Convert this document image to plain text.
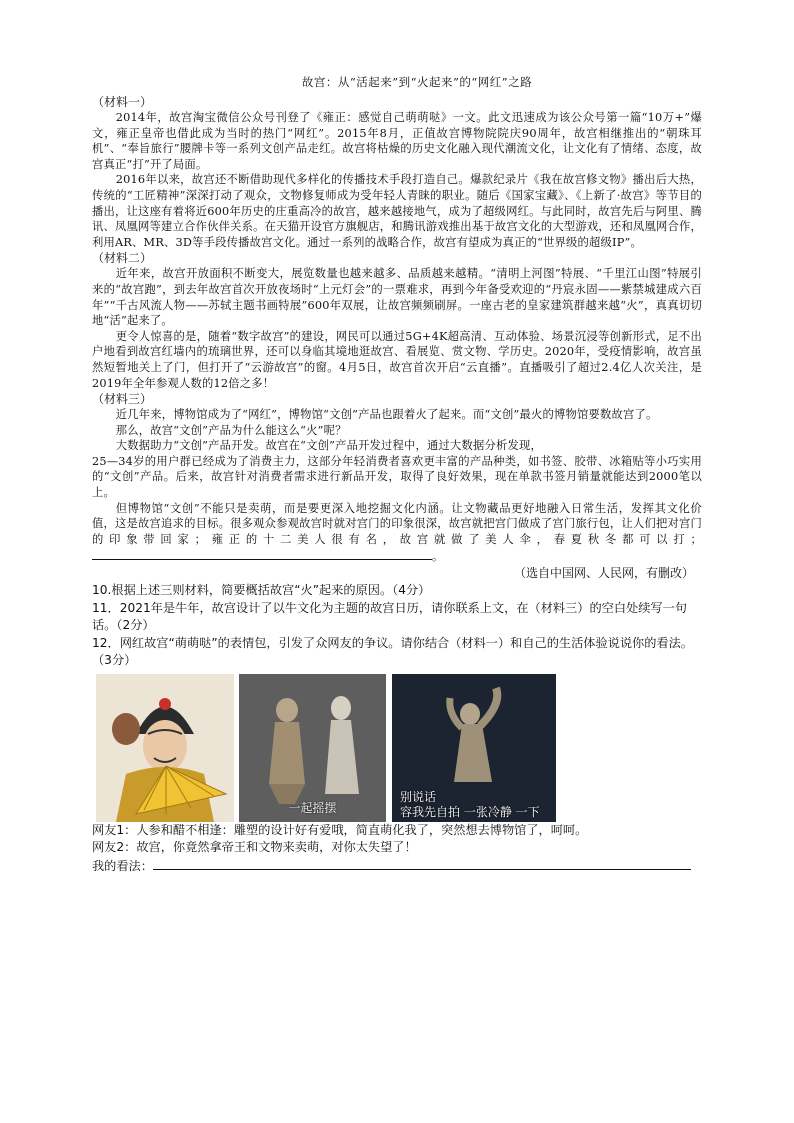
故宫：从“活起来”到“火起来”的“网红”之路

（材料一）

2014年，故宫淘宝微信公众号刊登了《雍正：感觉自己萌萌哒》一文。此文迅速成为该公众号第一篇“10万+”爆文，雍正皇帝也借此成为当时的热门“网红”。2015年8月，正值故宫博物院院庆90周年，故宫相继推出的“朝珠耳机”、“奉旨旅行”腰牌卡等一系列文创产品走红。故宫将枯燥的历史文化融入现代潮流文化，让文化有了情绪、态度，故宫真正“打”开了局面。

2016年以来，故宫还不断借助现代多样化的传播技术手段打造自己。爆款纪录片《我在故宫修文物》播出后大热，传统的“工匠精神”深深打动了观众，文物修复师成为受年轻人青睐的职业。随后《国家宝藏》、《上新了·故宫》等节目的播出，让这座有着将近600年历史的庄重高冷的故宫，越来越接地气，成为了超级网红。与此同时，故宫先后与阿里、腾讯、凤凰网等建立合作伙伴关系。在天猫开设官方旗舰店，和腾讯游戏推出基于故宫文化的大型游戏，还和凤凰网合作，利用AR、MR、3D等手段传播故宫文化。通过一系列的战略合作，故宫有望成为真正的“世界级的超级IP”。

（材料二）

近年来，故宫开放面积不断变大，展览数量也越来越多、品质越来越精。“清明上河图”特展、“千里江山图”特展引来的“故宫跑”，到去年故宫首次开放夜场时“上元灯会”的一票难求，再到今年备受欢迎的“丹宸永固——紫禁城建成六百年”“千古风流人物——苏轼主题书画特展”600年双展，让故宫频频刷屏。一座古老的皇家建筑群越来越“火”，真真切切地“活”起来了。

更令人惊喜的是，随着“数字故宫”的建设，网民可以通过5G+4K超高清、互动体验、场景沉浸等创新形式，足不出户地看到故宫红墙内的琉璃世界，还可以身临其境地逛故宫、看展览、赏文物、学历史。2020年，受疫情影响，故宫虽然短暂地关上了门，但打开了“云游故宫”的窗。4月5日，故宫首次开启“云直播”。直播吸引了超过2.4亿人次关注，是2019年全年参观人数的12倍之多！

（材料三）

近几年来，博物馆成为了“网红”，博物馆“文创”产品也跟着火了起来。而“文创”最火的博物馆要数故宫了。

那么，故宫“文创”产品为什么能这么“火”呢？

大数据助力“文创”产品开发。故宫在“文创”产品开发过程中，通过大数据分析发现，

25—34岁的用户群已经成为了消费主力，这部分年轻消费者喜欢更丰富的产品种类，如书签、胶带、冰箱贴等小巧实用的“文创”产品。后来，故宫针对消费者需求进行新品开发，取得了良好效果，现在单款书签月销量就能达到2000笔以上。

但博物馆“文创”不能只是卖萌，而是要更深入地挖掘文化内涵。让文物藏品更好地融入日常生活，发挥其文化价值，这是故宫追求的目标。很多观众参观故宫时就对宫门的印象很深，故宫就把宫门做成了宫门旅行包，让人们把对宫门的印象带回家；雍正的十二美人很有名，故宫就做了美人伞，春夏秋冬都可以打；。

（选自中国网、人民网，有删改）

10.根据上述三则材料，简要概括故宫“火”起来的原因。（4分）

11．2021年是牛年，故宫设计了以牛文化为主题的故宫日历，请你联系上文，在（材料三）的空白处续写一句话。（2分）

12．网红故宫“萌萌哒”的表情包，引发了众网友的争议。请你结合（材料一）和自己的生活体验说说你的看法。（3分）

一起摇摆
别说话
容我先自拍 一张冷静 一下

网友1：人参和醋不相逢：雕塑的设计好有爱哦，简直萌化我了，突然想去博物馆了，呵呵。

网友2：故宫，你竟然拿帝王和文物来卖萌，对你太失望了！

我的看法：
